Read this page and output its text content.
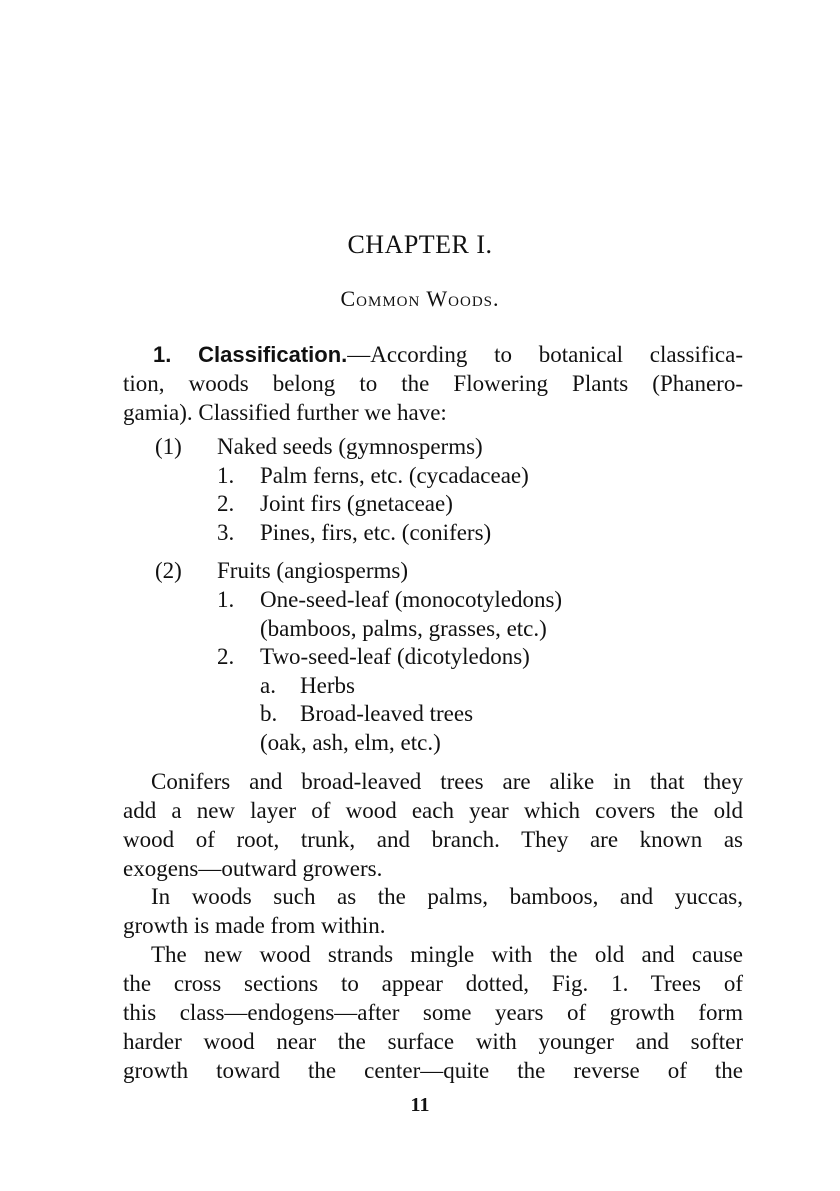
CHAPTER I.
Common Woods.
1. Classification.—According to botanical classifica-
tion, woods belong to the Flowering Plants (Phanero-
gamia). Classified further we have:
(1) Naked seeds (gymnosperms)
1. Palm ferns, etc. (cycadaceae)
2. Joint firs (gnetaceae)
3. Pines, firs, etc. (conifers)
(2) Fruits (angiosperms)
1. One-seed-leaf (monocotyledons)
(bamboos, palms, grasses, etc.)
2. Two-seed-leaf (dicotyledons)
a. Herbs
b. Broad-leaved trees
(oak, ash, elm, etc.)
Conifers and broad-leaved trees are alike in that they
add a new layer of wood each year which covers the old
wood of root, trunk, and branch. They are known as
exogens—outward growers.
In woods such as the palms, bamboos, and yuccas,
growth is made from within.
The new wood strands mingle with the old and cause
the cross sections to appear dotted, Fig. 1. Trees of
this class—endogens—after some years of growth form
harder wood near the surface with younger and softer
growth toward the center—quite the reverse of the
11
